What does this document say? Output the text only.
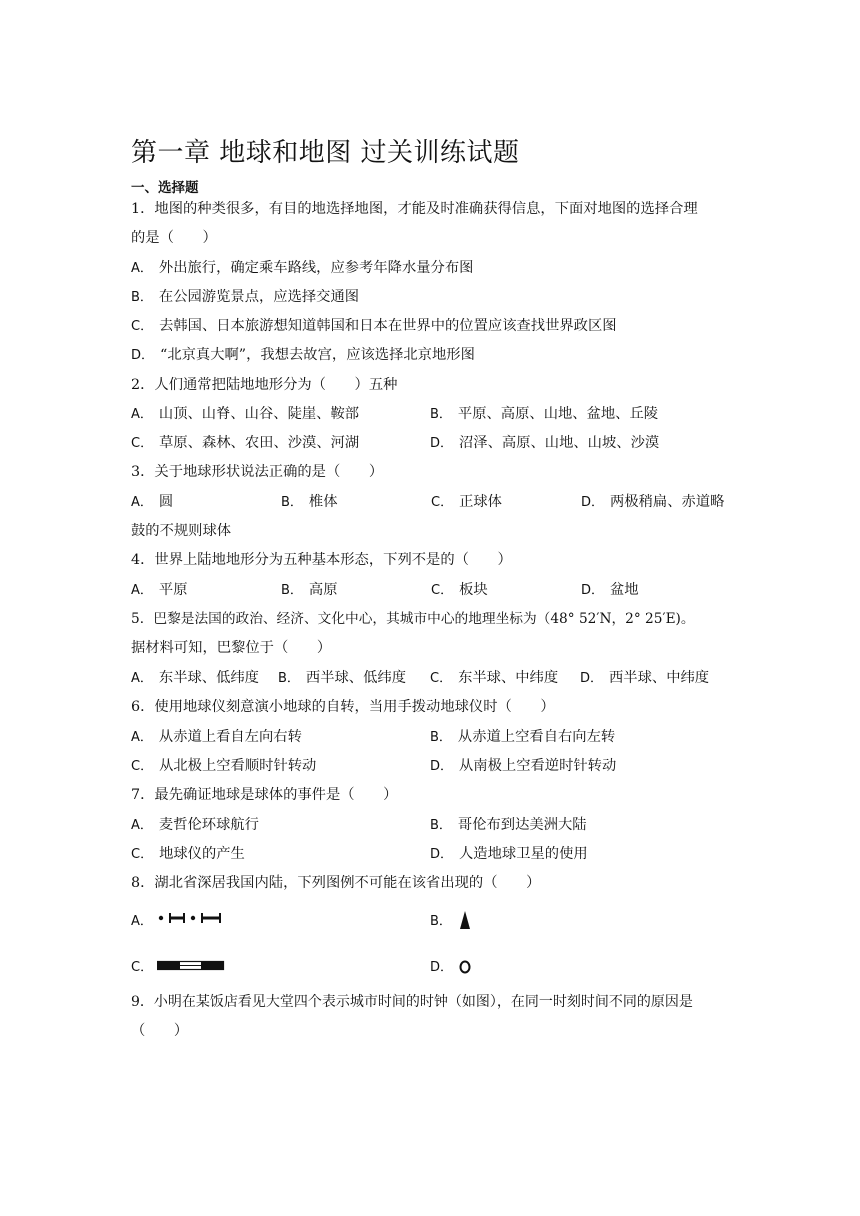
第一章 地球和地图 过关训练试题
一、选择题
1．地图的种类很多，有目的地选择地图，才能及时准确获得信息，下面对地图的选择合理
的是（　　）
A． 外出旅行，确定乘车路线，应参考年降水量分布图
B． 在公园游览景点，应选择交通图
C． 去韩国、日本旅游想知道韩国和日本在世界中的位置应该查找世界政区图
D． “北京真大啊”，我想去故宫，应该选择北京地形图
2．人们通常把陆地地形分为（　　）五种
A． 山顶、山脊、山谷、陡崖、鞍部	B． 平原、高原、山地、盆地、丘陵
C． 草原、森林、农田、沙漠、河湖	D． 沼泽、高原、山地、山坡、沙漠
3．关于地球形状说法正确的是（　　）
A． 圆	B． 椎体	C． 正球体	D． 两极稍扁、赤道略
鼓的不规则球体
4．世界上陆地地形分为五种基本形态，下列不是的（　　）
A． 平原	B． 高原	C． 板块	D． 盆地
5．巴黎是法国的政治、经济、文化中心，其城市中心的地理坐标为（48° 52′N，2° 25′E)。
据材料可知，巴黎位于（　　）
A． 东半球、低纬度 B． 西半球、低纬度 C． 东半球、中纬度 D． 西半球、中纬度
6．使用地球仪刻意演小地球的自转，当用手拨动地球仪时（　　）
A． 从赤道上看自左向右转	B． 从赤道上空看自右向左转
C． 从北极上空看顺时针转动	D． 从南极上空看逆时针转动
7．最先确证地球是球体的事件是（　　）
A． 麦哲伦环球航行	B． 哥伦布到达美洲大陆
C． 地球仪的产生	D． 人造地球卫星的使用
8．湖北省深居我国内陆，下列图例不可能在该省出现的（　　）
A．	B．
C．	D．
9．小明在某饭店看见大堂四个表示城市时间的时钟（如图），在同一时刻时间不同的原因是
（　　）
